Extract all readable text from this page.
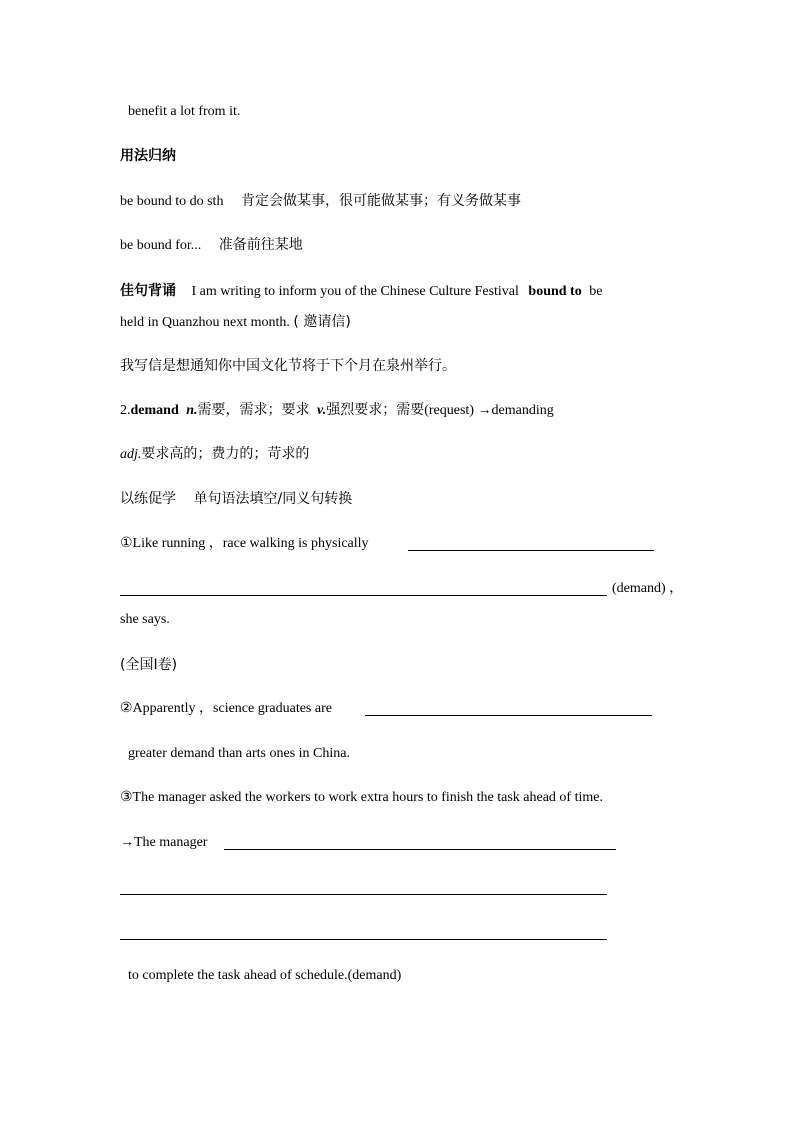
benefit a lot from it.
用法归纳
be bound to do sth 肯定会做某事，很可能做某事；有义务做某事
be bound for... 准备前往某地
佳句背诵 I am writing to inform you of the Chinese Culture Festival bound to be
held in Quanzhou next month. ( 邀请信)
我写信是想通知你中国文化节将于下个月在泉州举行。
2.demand n.需要，需求；要求 v.强烈要求；需要(request) →demanding
adj.要求高的；费力的；苛求的
以练促学 单句语法填空/同义句转换
①Like running ，race walking is physically
(demand) ，
she says.
(全国Ⅰ卷)
②Apparently ，science graduates are
greater demand than arts ones in China.
③The manager asked the workers to work extra hours to finish the task ahead of time.
→The manager
to complete the task ahead of schedule.(demand)
